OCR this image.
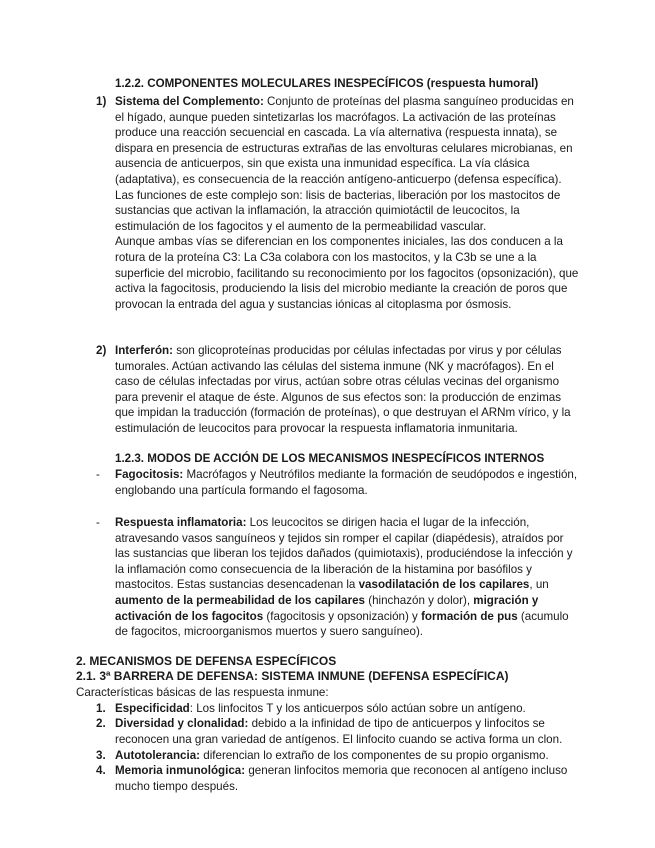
1.2.2. COMPONENTES MOLECULARES INESPECÍFICOS (respuesta humoral)
1) Sistema del Complemento: Conjunto de proteínas del plasma sanguíneo producidas en el hígado, aunque pueden sintetizarlas los macrófagos. La activación de las proteínas produce una reacción secuencial en cascada. La vía alternativa (respuesta innata), se dispara en presencia de estructuras extrañas de las envolturas celulares microbianas, en ausencia de anticuerpos, sin que exista una inmunidad específica. La vía clásica (adaptativa), es consecuencia de la reacción antígeno-anticuerpo (defensa específica).

Las funciones de este complejo son: lisis de bacterias, liberación por los mastocitos de sustancias que activan la inflamación, la atracción quimiotáctil de leucocitos, la estimulación de los fagocitos y el aumento de la permeabilidad vascular.

Aunque ambas vías se diferencian en los componentes iniciales, las dos conducen a la rotura de la proteína C3: La C3a colabora con los mastocitos, y la C3b se une a la superficie del microbio, facilitando su reconocimiento por los fagocitos (opsonización), que activa la fagocitosis, produciendo la lisis del microbio mediante la creación de poros que provocan la entrada del agua y sustancias iónicas al citoplasma por ósmosis.

2) Interferón: son glicoproteínas producidas por células infectadas por virus y por células tumorales. Actúan activando las células del sistema inmune (NK y macrófagos). En el caso de células infectadas por virus, actúan sobre otras células vecinas del organismo para prevenir el ataque de éste. Algunos de sus efectos son: la producción de enzimas que impidan la traducción (formación de proteínas), o que destruyan el ARNm vírico, y la estimulación de leucocitos para provocar la respuesta inflamatoria inmunitaria.

1.2.3. MODOS DE ACCIÓN DE LOS MECANISMOS INESPECÍFICOS INTERNOS
- Fagocitosis: Macrófagos y Neutrófilos mediante la formación de seudópodos e ingestión, englobando una partícula formando el fagosoma.

- Respuesta inflamatoria: Los leucocitos se dirigen hacia el lugar de la infección, atravesando vasos sanguíneos y tejidos sin romper el capilar (diapédesis), atraídos por las sustancias que liberan los tejidos dañados (quimiotaxis), produciéndose la infección y la inflamación como consecuencia de la liberación de la histamina por basófilos y mastocitos. Estas sustancias desencadenan la vasodilatación de los capilares, un aumento de la permeabilidad de los capilares (hinchazón y dolor), migración y activación de los fagocitos (fagocitosis y opsonización) y formación de pus (acumulo de fagocitos, microorganismos muertos y suero sanguíneo).

2. MECANISMOS DE DEFENSA ESPECÍFICOS
2.1. 3ª BARRERA DE DEFENSA: SISTEMA INMUNE (DEFENSA ESPECÍFICA)
Características básicas de las respuesta inmune:
1. Especificidad: Los linfocitos T y los anticuerpos sólo actúan sobre un antígeno.
2. Diversidad y clonalidad: debido a la infinidad de tipo de anticuerpos y linfocitos se reconocen una gran variedad de antígenos. El linfocito cuando se activa forma un clon.
3. Autotolerancia: diferencian lo extraño de los componentes de su propio organismo.
4. Memoria inmunológica: generan linfocitos memoria que reconocen al antígeno incluso mucho tiempo después.
